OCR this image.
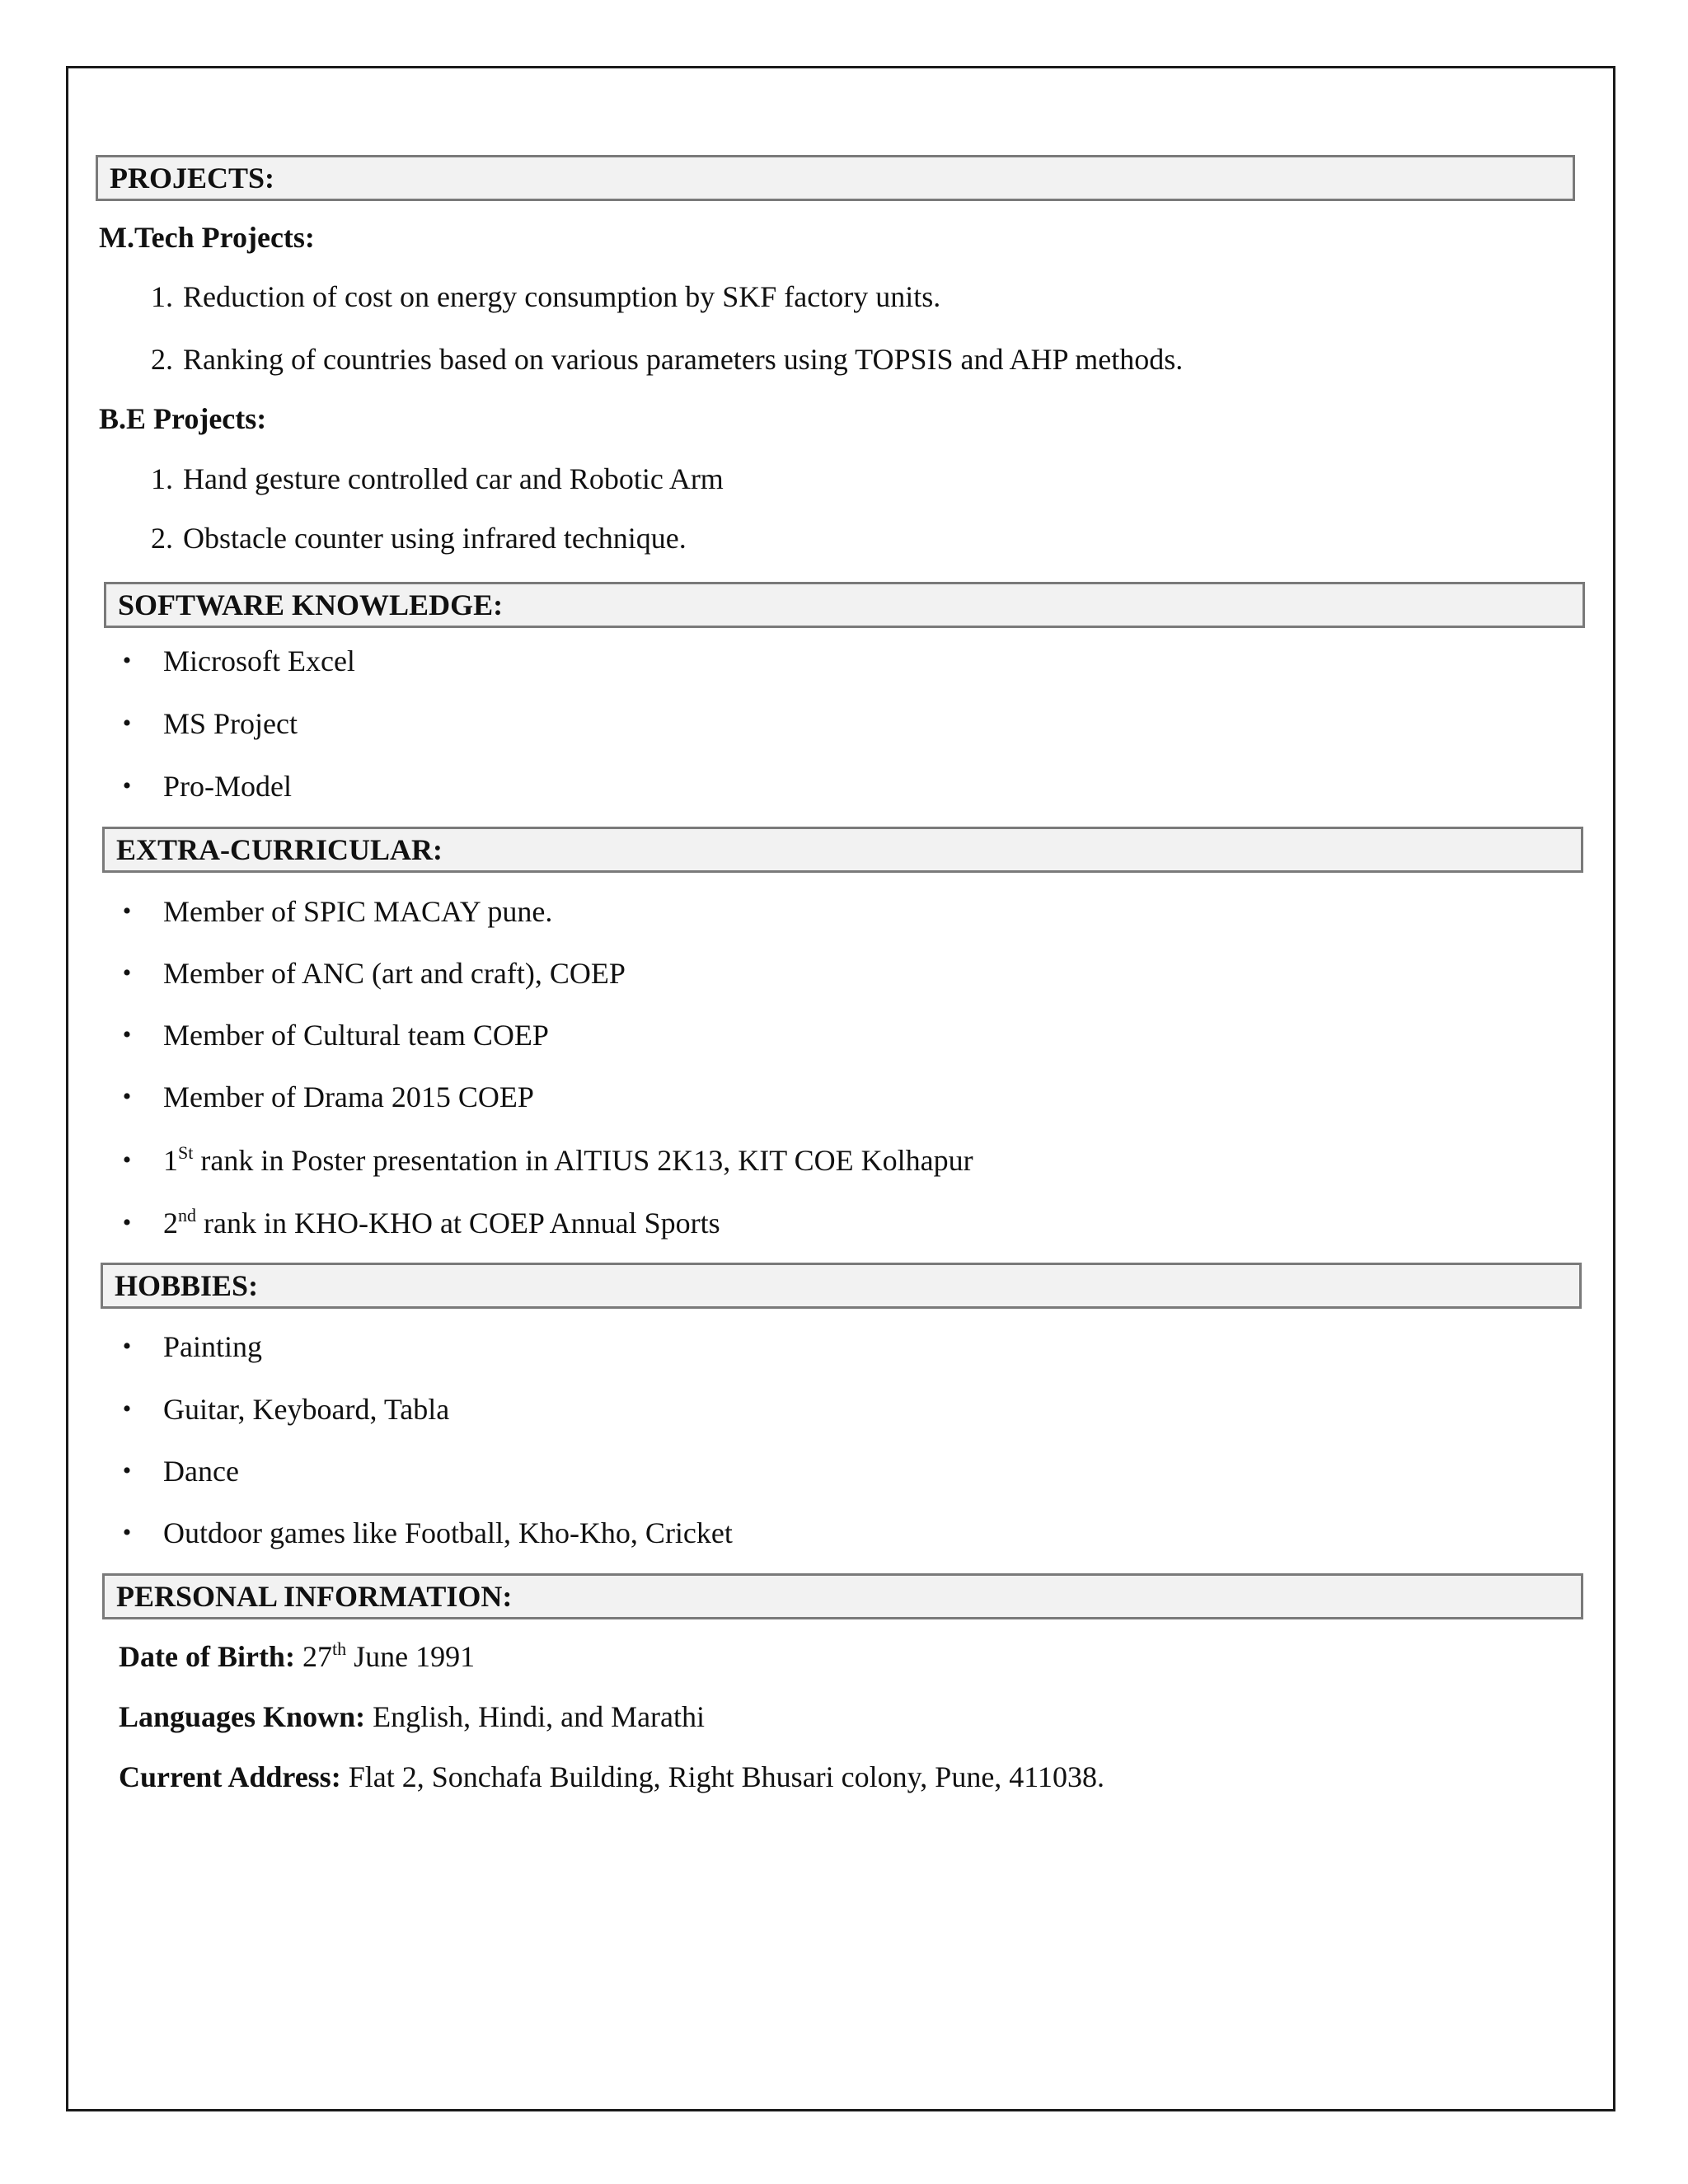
PROJECTS:
M.Tech Projects:
1. Reduction of cost on energy consumption by SKF factory units.
2. Ranking of countries based on various parameters using TOPSIS and AHP methods.
B.E Projects:
1. Hand gesture controlled car and Robotic Arm
2. Obstacle counter using infrared technique.
SOFTWARE KNOWLEDGE:
• Microsoft Excel
• MS Project
• Pro-Model
EXTRA-CURRICULAR:
• Member of SPIC MACAY pune.
• Member of ANC (art and craft), COEP
• Member of Cultural team COEP
• Member of Drama 2015 COEP
• 1St rank in Poster presentation in AlTIUS 2K13, KIT COE Kolhapur
• 2nd rank in KHO-KHO at COEP Annual Sports
HOBBIES:
• Painting
• Guitar, Keyboard, Tabla
• Dance
• Outdoor games like Football, Kho-Kho, Cricket
PERSONAL INFORMATION:
Date of Birth: 27th June 1991
Languages Known: English, Hindi, and Marathi
Current Address: Flat 2, Sonchafa Building, Right Bhusari colony, Pune, 411038.
